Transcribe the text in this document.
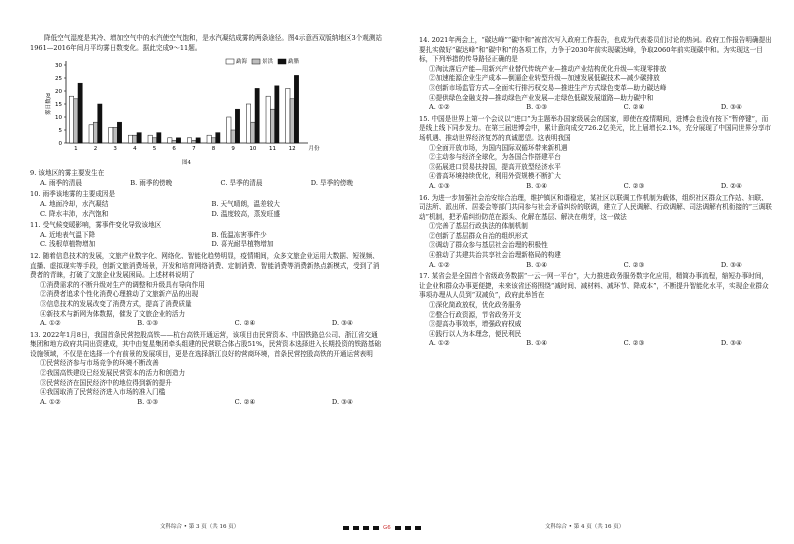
降低空气湿度是其冷、增加空气中的水汽使空气饱和，是水汽凝结成雾的两条途径。图4示意西双版纳地区3个观测站1961—2016年间月平均雾日数变化。据此完成9～11题。

0
5
10
15
20
25
30
雾日数/d
1	2	3	4	5	6	7	8	9	10 11 12 月份
勐海	景洪	勐腊
图4

9. 该地区的雾主要发生在

A. 雨季的清晨	B. 雨季的傍晚	C. 旱季的清晨	D. 旱季的傍晚

10. 雨季该地雾的主要成因是

A. 地面冷却，水汽凝结	B. 天气晴朗，温差较大
C. 降水丰沛，水汽饱和	D. 温度较高，蒸发旺盛

11. 受气候变暖影响，雾事件变化导致该地区

A. 近地表气温下降	B. 低温冻害事件少
C. 浅根草植物增加	D. 喜光耐旱植物增加

12. 随着信息技术的发展，文旅产业数字化、网络化、智能化趋势明显，疫情期间，众多文旅企业运用大数据、短视频、直播、虚拟现实等手段，创新文旅消费场景，开发和培育网络消费、定制消费、智能消费等消费新热点新模式，受到了消费者的青睐，打破了文旅企业发展困局。上述材料说明了

①消费需求的不断升级对生产的调整和升级具有导向作用

②消费者追求个性化消费心理推动了文旅新产品的出现

③信息技术的发展改变了消费方式，提高了消费质量

④新技术与新网为体数据，催发了文旅企业的活力

A. ①②	B. ①③	C. ②④	D. ③④

13. 2022年1月8日，我国首条民营控股高铁——杭台高铁开通运营，该项目由民营资本、中国铁路总公司、浙江省交通集团和地方政府共同出资建成，其中由复星集团牵头组建的民营联合体占股51%，民营资本选择进入长期投资的铁路基础设施领域，不仅是在选择一个有前景的发展项目，更是在选择浙江良好的营商环境，首条民营控股高铁的开通运营表明

①民营经济参与市场竞争的环境不断改善

②我国高铁建设已经发展民营资本的活力和创造力

③民营经济在国民经济中的地位得到新的提升

④我国取消了民营经济进入市场的准入门槛

A. ①②	B. ①③	C. ②④	D. ③④
文科综合 • 第 3 页（共 16 页）	G6

14. 2021年两会上，“碳达峰”“碳中和”被首次写入政府工作报告，也成为代表委员们讨论的热词。政府工作报告明确提出要扎实做好“碳达峰”和“碳中和”的各项工作，力争于2030年前实现碳达峰，争取2060年前实现碳中和。为实现这一目标，下列举措的传导路径正确的是

①淘汰落后产能—用新兴产业替代传统产业—推动产业结构优化升级—实现零排放

②加速能源企业生产成本—倒逼企业转型升级—加速发展低碳技术—减少碳排放

③创新市场监管方式—全面实行排污权交易—推进生产方式绿色变革—助力碳达峰

④提供绿色金融支持—推动绿色产业发展—走绿色低碳发展道路—助力碳中和

A. ①②	B. ①③	C. ②④	D. ③④

15. 中国是世界上第一个会议以“进口”为主题举办国家级展会的国家，即使在疫情期间，进博会也没有按下“暂停键”，而是线上线下同步发力。在第三届进博会中，累计意向成交726.2亿美元，比上届增长2.1%，充分展现了中国同世界分享市场机遇、推动世界经济复苏的真诚愿望。这表明我国

①全面开放市场，为国内国际双循环带来新机遇

②主动参与经济全球化，为各国合作搭建平台

③拓展进口贸易扶持国，提高开放型经济水平

④普高环境持续优化，利用外资规模不断扩大

A. ①③	B. ①④	C. ②③	D. ②④

16. 为进一步加强社会治安综合治理，维护镇区和谐稳定，某社区以联调工作机制为载体，组织社区群众工作站、妇联、司法所、派出所、居委会等部门共同参与社会矛盾纠纷的联调，建立了人民调解、行政调解、司法调解有机衔接的“三调联动”机制，把矛盾纠纷防范在源头、化解在基层、解决在萌芽，这一做法

①完善了基层行政执法的体制机制

②创新了基层群众自治的组织形式

③调动了群众参与基层社会治理的积极性

④推动了共建共治共享社会治理新格局的构建

A. ①②	B. ①④	C. ②③	D. ③④

17. 某省会是全国首个省级政务数据“一云一网一平台”，大力推进政务服务数字化应用，精简办事流程，缩短办事时间，让企业和群众办事更便捷，未来该省还将围绕“减时间、减材料、减环节、降成本”，不断提升智能化水平，实现企业群众事项办理从人员到“双减负”，政府此举旨在

①深化简政放权，优化政务服务

②整合行政资源，节省政务开支

③提高办事效率，增强政府权威

④践行以人为本理念，便民利民

A. ①②	B. ①④	C. ②③	D. ③④
文科综合 • 第 4 页（共 16 页）
